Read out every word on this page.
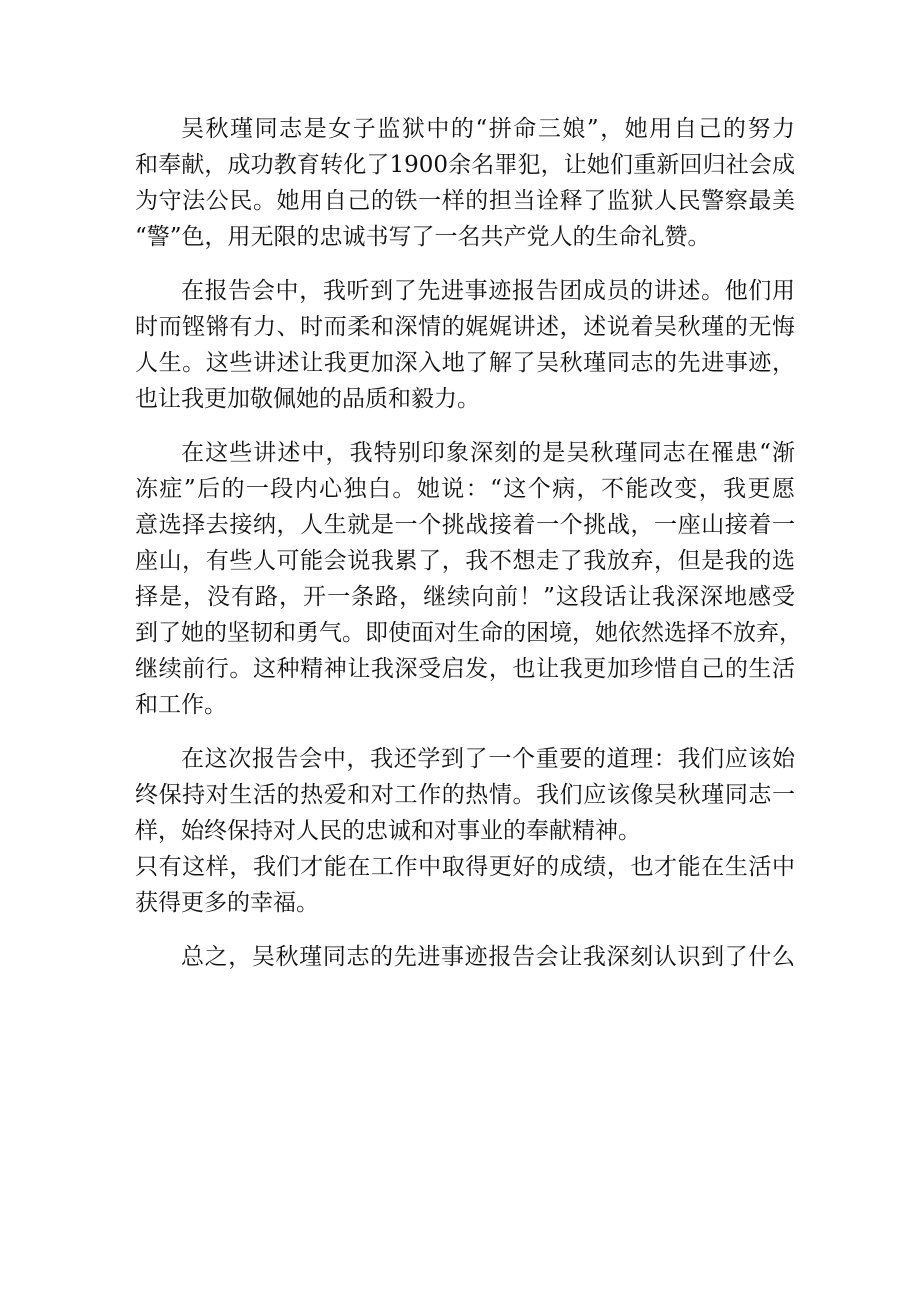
吴秋瑾同志是女子监狱中的“拼命三娘”，她用自己的努力
和奉献，成功教育转化了1900余名罪犯，让她们重新回归社会成
为守法公民。她用自己的铁一样的担当诠释了监狱人民警察最美
“警”色，用无限的忠诚书写了一名共产党人的生命礼赞。
在报告会中，我听到了先进事迹报告团成员的讲述。他们用
时而铿锵有力、时而柔和深情的娓娓讲述，述说着吴秋瑾的无悔
人生。这些讲述让我更加深入地了解了吴秋瑾同志的先进事迹，
也让我更加敬佩她的品质和毅力。
在这些讲述中，我特别印象深刻的是吴秋瑾同志在罹患“渐
冻症”后的一段内心独白。她说：“这个病，不能改变，我更愿
意选择去接纳，人生就是一个挑战接着一个挑战，一座山接着一
座山，有些人可能会说我累了，我不想走了我放弃，但是我的选
择是，没有路，开一条路，继续向前！”这段话让我深深地感受
到了她的坚韧和勇气。即使面对生命的困境，她依然选择不放弃，
继续前行。这种精神让我深受启发，也让我更加珍惜自己的生活
和工作。
在这次报告会中，我还学到了一个重要的道理：我们应该始
终保持对生活的热爱和对工作的热情。我们应该像吴秋瑾同志一
样，始终保持对人民的忠诚和对事业的奉献精神。
只有这样，我们才能在工作中取得更好的成绩，也才能在生活中
获得更多的幸福。
总之，吴秋瑾同志的先进事迹报告会让我深刻认识到了什么
